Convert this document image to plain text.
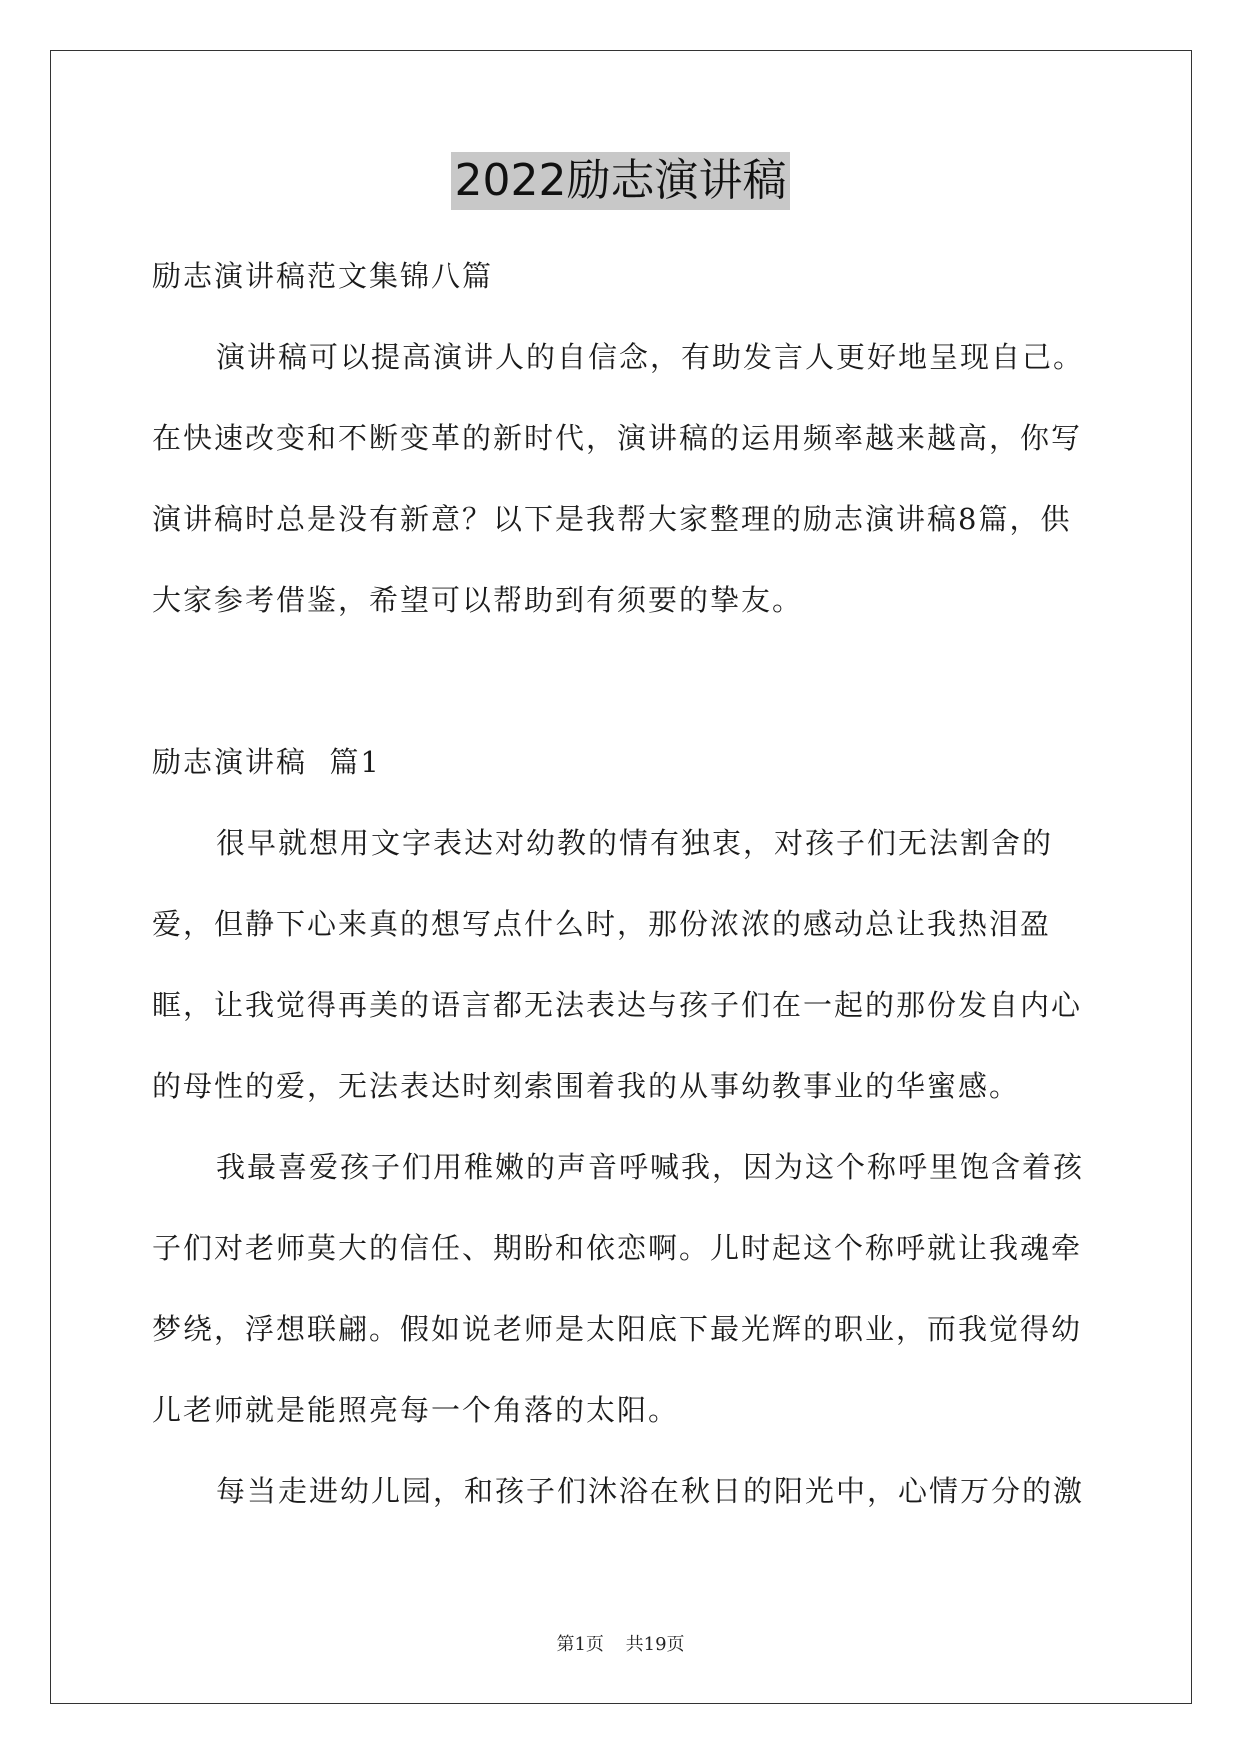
2022励志演讲稿

励志演讲稿范文集锦八篇

演讲稿可以提高演讲人的自信念，有助发言人更好地呈现自己。在快速改变和不断变革的新时代，演讲稿的运用频率越来越高，你写演讲稿时总是没有新意？以下是我帮大家整理的励志演讲稿8篇，供大家参考借鉴，希望可以帮助到有须要的挚友。

励志演讲稿  篇1

很早就想用文字表达对幼教的情有独衷，对孩子们无法割舍的爱，但静下心来真的想写点什么时，那份浓浓的感动总让我热泪盈眶，让我觉得再美的语言都无法表达与孩子们在一起的那份发自内心的母性的爱，无法表达时刻索围着我的从事幼教事业的华蜜感。

我最喜爱孩子们用稚嫩的声音呼喊我，因为这个称呼里饱含着孩子们对老师莫大的信任、期盼和依恋啊。儿时起这个称呼就让我魂牵梦绕，浮想联翩。假如说老师是太阳底下最光辉的职业，而我觉得幼儿老师就是能照亮每一个角落的太阳。

每当走进幼儿园，和孩子们沐浴在秋日的阳光中，心情万分的激

第1页 共19页
